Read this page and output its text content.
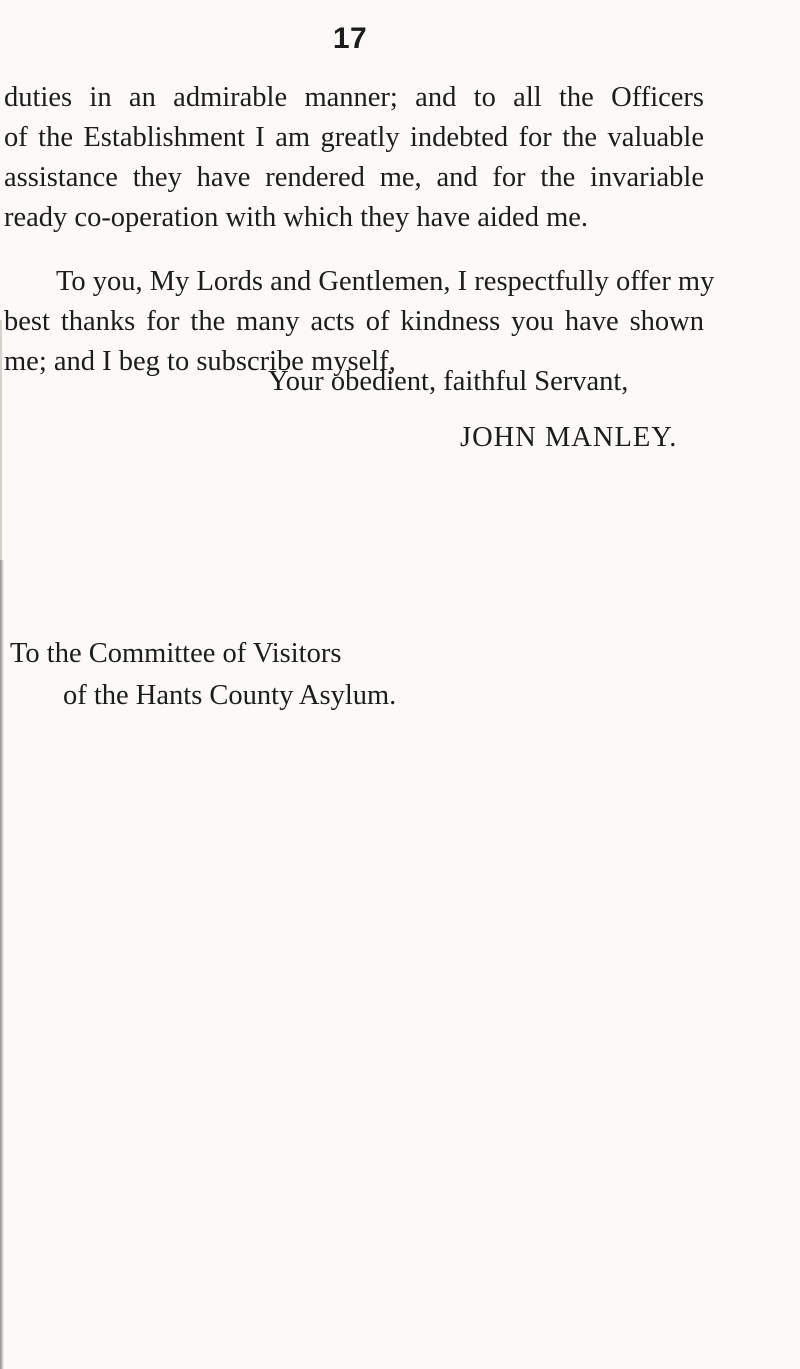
17

duties in an admirable manner; and to all the Officers
of the Establishment I am greatly indebted for the valuable
assistance they have rendered me, and for the invariable
ready co-operation with which they have aided me.

To you, My Lords and Gentlemen, I respectfully offer my
best thanks for the many acts of kindness you have shown
me; and I beg to subscribe myself,

Your obedient, faithful Servant,
JOHN MANLEY.
To the Committee of Visitors
of the Hants County Asylum.
